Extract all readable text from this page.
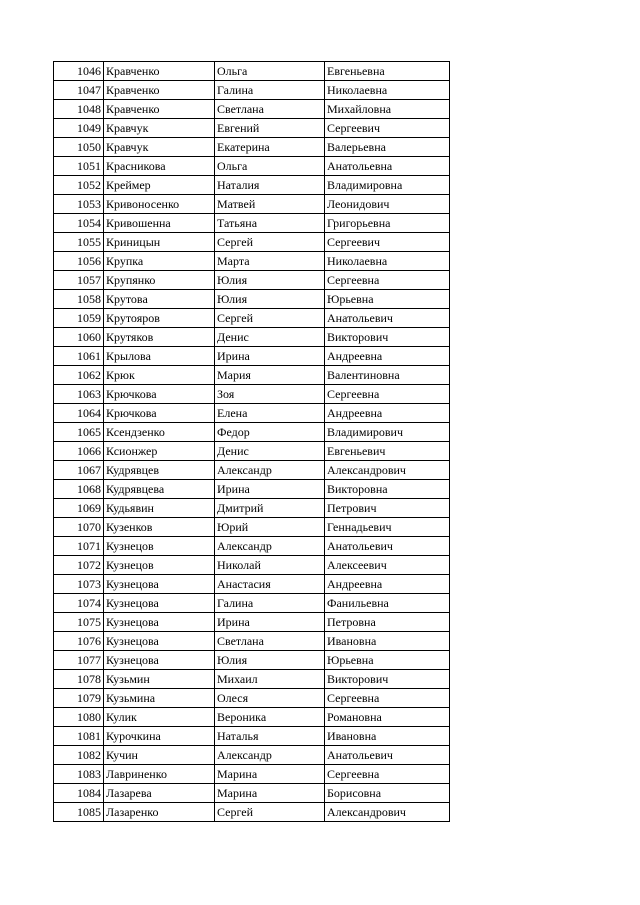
1046	Кравченко	Ольга	Евгеньевна
1047	Кравченко	Галина	Николаевна
1048	Кравченко	Светлана	Михайловна
1049	Кравчук	Евгений	Сергеевич
1050	Кравчук	Екатерина	Валерьевна
1051	Красникова	Ольга	Анатольевна
1052	Креймер	Наталия	Владимировна
1053	Кривоносенко	Матвей	Леонидович
1054	Кривошенна	Татьяна	Григорьевна
1055	Криницын	Сергей	Сергеевич
1056	Крупка	Марта	Николаевна
1057	Крупянко	Юлия	Сергеевна
1058	Крутова	Юлия	Юрьевна
1059	Крутояров	Сергей	Анатольевич
1060	Крутяков	Денис	Викторович
1061	Крылова	Ирина	Андреевна
1062	Крюк	Мария	Валентиновна
1063	Крючкова	Зоя	Сергеевна
1064	Крючкова	Елена	Андреевна
1065	Ксендзенко	Федор	Владимирович
1066	Ксионжер	Денис	Евгеньевич
1067	Кудрявцев	Александр	Александрович
1068	Кудрявцева	Ирина	Викторовна
1069	Кудьявин	Дмитрий	Петрович
1070	Кузенков	Юрий	Геннадьевич
1071	Кузнецов	Александр	Анатольевич
1072	Кузнецов	Николай	Алексеевич
1073	Кузнецова	Анастасия	Андреевна
1074	Кузнецова	Галина	Фанильевна
1075	Кузнецова	Ирина	Петровна
1076	Кузнецова	Светлана	Ивановна
1077	Кузнецова	Юлия	Юрьевна
1078	Кузьмин	Михаил	Викторович
1079	Кузьмина	Олеся	Сергеевна
1080	Кулик	Вероника	Романовна
1081	Курочкина	Наталья	Ивановна
1082	Кучин	Александр	Анатольевич
1083	Лавриненко	Марина	Сергеевна
1084	Лазарева	Марина	Борисовна
1085	Лазаренко	Сергей	Александрович
